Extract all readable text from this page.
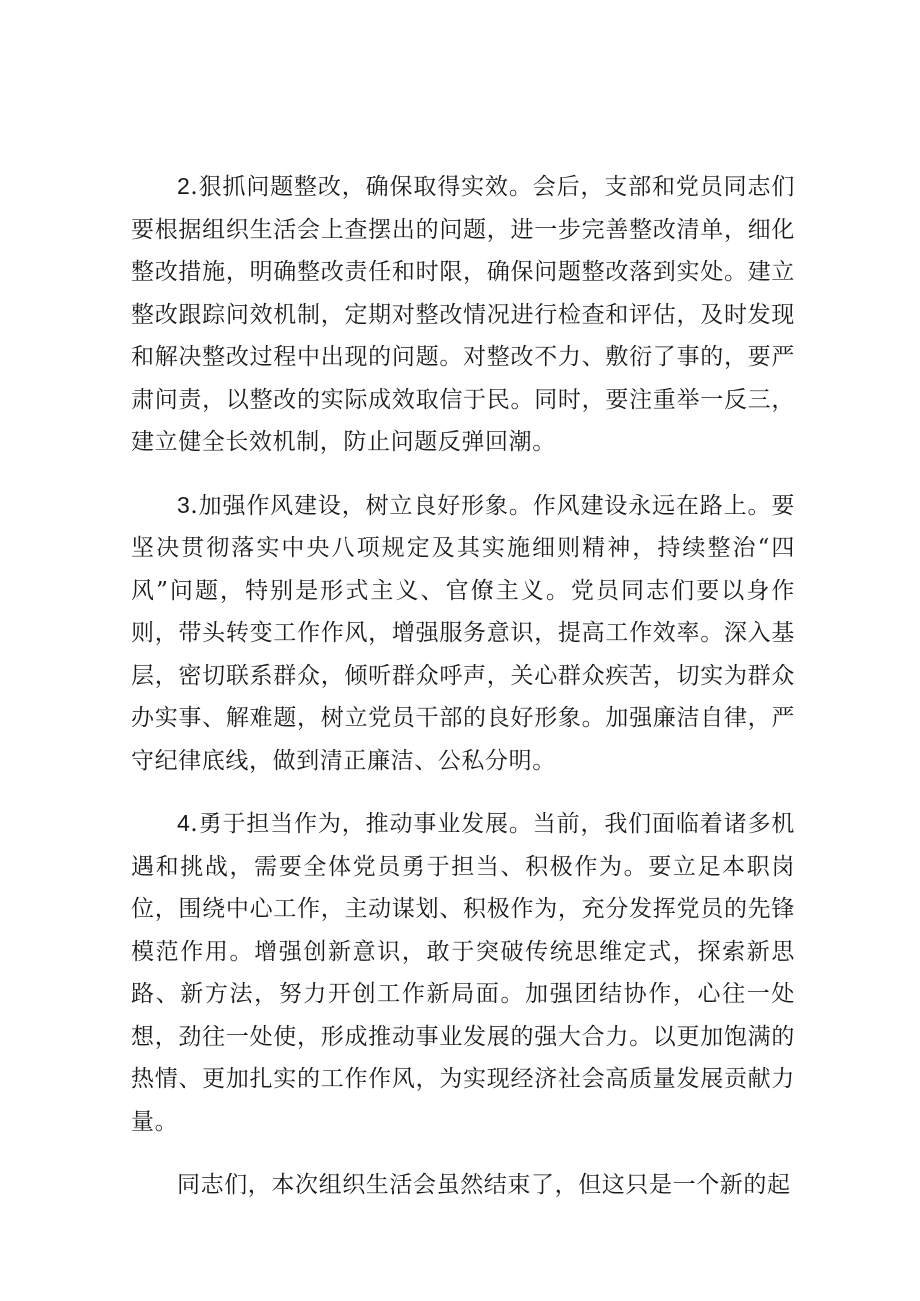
2.狠抓问题整改，确保取得实效。会后，支部和党员同志们要根据组织生活会上查摆出的问题，进一步完善整改清单，细化整改措施，明确整改责任和时限，确保问题整改落到实处。建立整改跟踪问效机制，定期对整改情况进行检查和评估，及时发现和解决整改过程中出现的问题。对整改不力、敷衍了事的，要严肃问责，以整改的实际成效取信于民。同时，要注重举一反三，建立健全长效机制，防止问题反弹回潮。

3.加强作风建设，树立良好形象。作风建设永远在路上。要坚决贯彻落实中央八项规定及其实施细则精神，持续整治“四风”问题，特别是形式主义、官僚主义。党员同志们要以身作则，带头转变工作作风，增强服务意识，提高工作效率。深入基层，密切联系群众，倾听群众呼声，关心群众疾苦，切实为群众办实事、解难题，树立党员干部的良好形象。加强廉洁自律，严守纪律底线，做到清正廉洁、公私分明。

4.勇于担当作为，推动事业发展。当前，我们面临着诸多机遇和挑战，需要全体党员勇于担当、积极作为。要立足本职岗位，围绕中心工作，主动谋划、积极作为，充分发挥党员的先锋模范作用。增强创新意识，敢于突破传统思维定式，探索新思路、新方法，努力开创工作新局面。加强团结协作，心往一处想，劲往一处使，形成推动事业发展的强大合力。以更加饱满的热情、更加扎实的工作作风，为实现经济社会高质量发展贡献力量。

同志们，本次组织生活会虽然结束了，但这只是一个新的起
